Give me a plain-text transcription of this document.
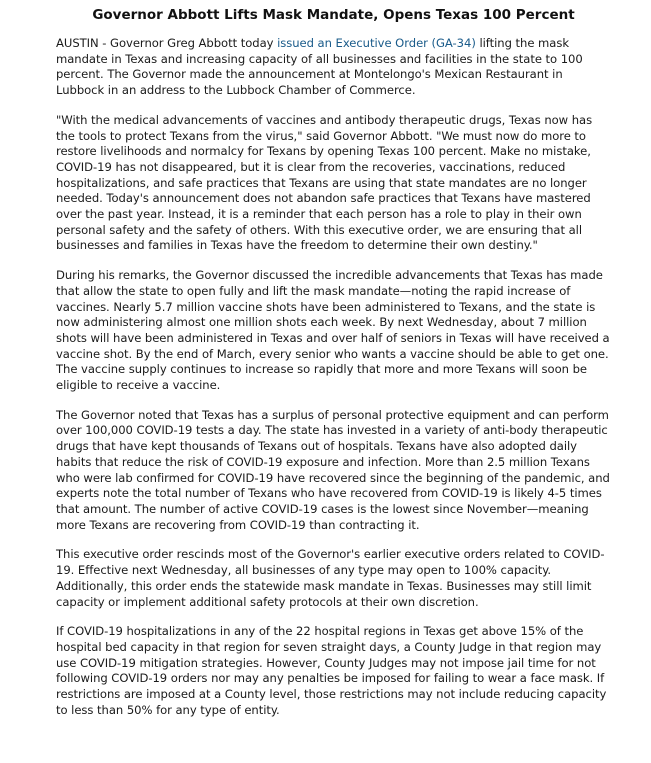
Governor Abbott Lifts Mask Mandate, Opens Texas 100 Percent

AUSTIN - Governor Greg Abbott today issued an Executive Order (GA-34) lifting the mask mandate in Texas and increasing capacity of all businesses and facilities in the state to 100 percent. The Governor made the announcement at Montelongo's Mexican Restaurant in Lubbock in an address to the Lubbock Chamber of Commerce.

"With the medical advancements of vaccines and antibody therapeutic drugs, Texas now has the tools to protect Texans from the virus," said Governor Abbott. "We must now do more to restore livelihoods and normalcy for Texans by opening Texas 100 percent. Make no mistake, COVID-19 has not disappeared, but it is clear from the recoveries, vaccinations, reduced hospitalizations, and safe practices that Texans are using that state mandates are no longer needed. Today's announcement does not abandon safe practices that Texans have mastered over the past year. Instead, it is a reminder that each person has a role to play in their own personal safety and the safety of others. With this executive order, we are ensuring that all businesses and families in Texas have the freedom to determine their own destiny."

During his remarks, the Governor discussed the incredible advancements that Texas has made that allow the state to open fully and lift the mask mandate—noting the rapid increase of vaccines. Nearly 5.7 million vaccine shots have been administered to Texans, and the state is now administering almost one million shots each week. By next Wednesday, about 7 million shots will have been administered in Texas and over half of seniors in Texas will have received a vaccine shot. By the end of March, every senior who wants a vaccine should be able to get one. The vaccine supply continues to increase so rapidly that more and more Texans will soon be eligible to receive a vaccine.

The Governor noted that Texas has a surplus of personal protective equipment and can perform over 100,000 COVID-19 tests a day. The state has invested in a variety of anti-body therapeutic drugs that have kept thousands of Texans out of hospitals. Texans have also adopted daily habits that reduce the risk of COVID-19 exposure and infection. More than 2.5 million Texans who were lab confirmed for COVID-19 have recovered since the beginning of the pandemic, and experts note the total number of Texans who have recovered from COVID-19 is likely 4-5 times that amount. The number of active COVID-19 cases is the lowest since November—meaning more Texans are recovering from COVID-19 than contracting it.

This executive order rescinds most of the Governor's earlier executive orders related to COVID-19. Effective next Wednesday, all businesses of any type may open to 100% capacity. Additionally, this order ends the statewide mask mandate in Texas. Businesses may still limit capacity or implement additional safety protocols at their own discretion.

If COVID-19 hospitalizations in any of the 22 hospital regions in Texas get above 15% of the hospital bed capacity in that region for seven straight days, a County Judge in that region may use COVID-19 mitigation strategies. However, County Judges may not impose jail time for not following COVID-19 orders nor may any penalties be imposed for failing to wear a face mask. If restrictions are imposed at a County level, those restrictions may not include reducing capacity to less than 50% for any type of entity.
